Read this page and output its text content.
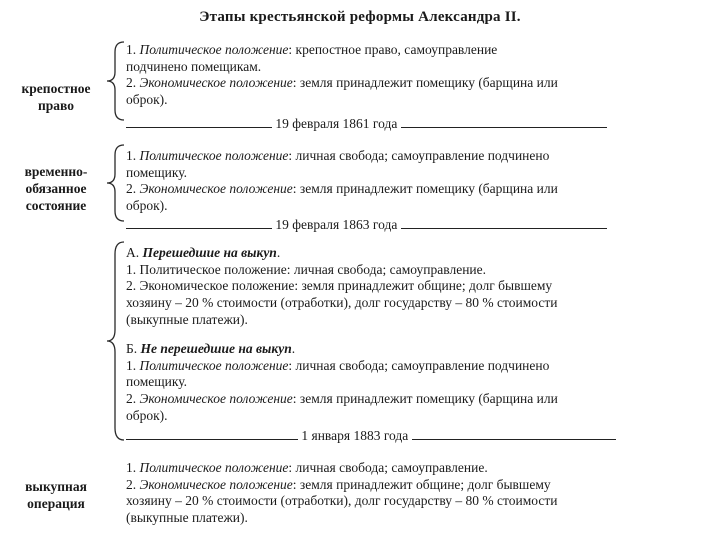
Этапы крестьянской реформы Александра II.
крепостное
право
1. Политическое положение: крепостное право, самоуправление
подчинено помещикам.
2. Экономическое положение: земля принадлежит помещику (барщина или
оброк).
19 февраля 1861 года
временно-
обязанное
состояние
1. Политическое положение: личная свобода; самоуправление подчинено
помещику.
2. Экономическое положение: земля принадлежит помещику (барщина или
оброк).
19 февраля 1863 года
А. Перешедшие на выкуп.
1. Политическое положение: личная свобода; самоуправление.
2. Экономическое положение: земля принадлежит общине; долг бывшему
хозяину – 20 % стоимости (отработки), долг государству – 80 % стоимости
(выкупные платежи).
Б. Не перешедшие на выкуп.
1. Политическое положение: личная свобода; самоуправление подчинено
помещику.
2. Экономическое положение: земля принадлежит помещику (барщина или
оброк).
1 января 1883 года
выкупная
операция
1. Политическое положение: личная свобода; самоуправление.
2. Экономическое положение: земля принадлежит общине; долг бывшему
хозяину – 20 % стоимости (отработки), долг государству – 80 % стоимости
(выкупные платежи).
